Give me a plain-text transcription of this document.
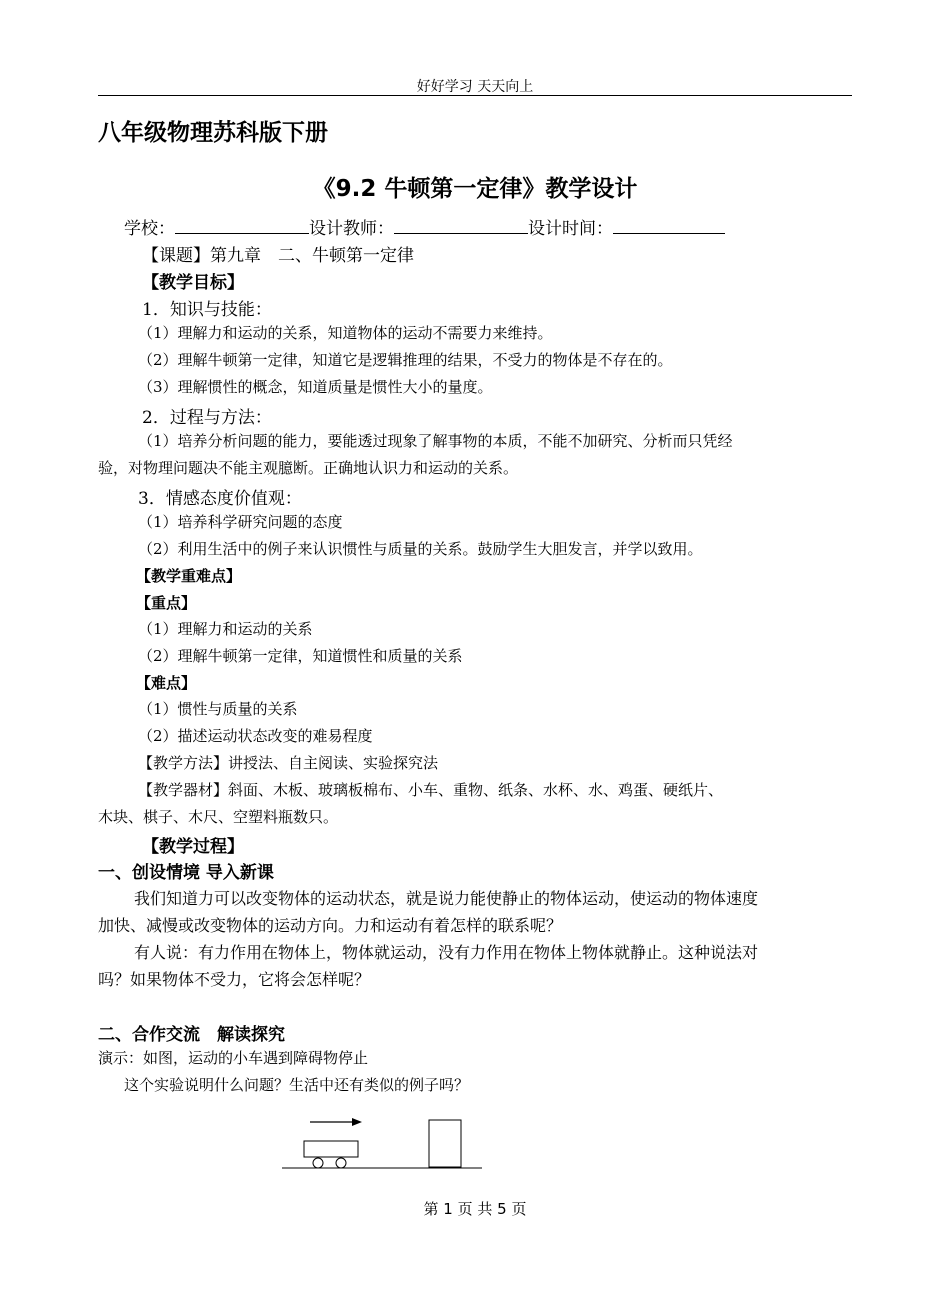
好好学习 天天向上
八年级物理苏科版下册
《9.2 牛顿第一定律》教学设计
学校：	设计教师：	设计时间：
【课题】第九章　二、牛顿第一定律
【教学目标】
1．知识与技能：
（1）理解力和运动的关系，知道物体的运动不需要力来维持。
（2）理解牛顿第一定律，知道它是逻辑推理的结果，不受力的物体是不存在的。
（3）理解惯性的概念，知道质量是惯性大小的量度。
2．过程与方法：
（1）培养分析问题的能力，要能透过现象了解事物的本质，不能不加研究、分析而只凭经
验，对物理问题决不能主观臆断。正确地认识力和运动的关系。
3．情感态度价值观：
（1）培养科学研究问题的态度
（2）利用生活中的例子来认识惯性与质量的关系。鼓励学生大胆发言，并学以致用。
【教学重难点】
【重点】
（1）理解力和运动的关系
（2）理解牛顿第一定律，知道惯性和质量的关系
【难点】
（1）惯性与质量的关系
（2）描述运动状态改变的难易程度
【教学方法】讲授法、自主阅读、实验探究法
【教学器材】斜面、木板、玻璃板棉布、小车、重物、纸条、水杯、水、鸡蛋、硬纸片、
木块、棋子、木尺、空塑料瓶数只。
【教学过程】
一、创设情境 导入新课
我们知道力可以改变物体的运动状态，就是说力能使静止的物体运动，使运动的物体速度
加快、减慢或改变物体的运动方向。力和运动有着怎样的联系呢？
有人说：有力作用在物体上，物体就运动，没有力作用在物体上物体就静止。这种说法对
吗？如果物体不受力，它将会怎样呢？
二、合作交流　解读探究
演示：如图，运动的小车遇到障碍物停止
这个实验说明什么问题？生活中还有类似的例子吗？
第 1 页 共 5 页
